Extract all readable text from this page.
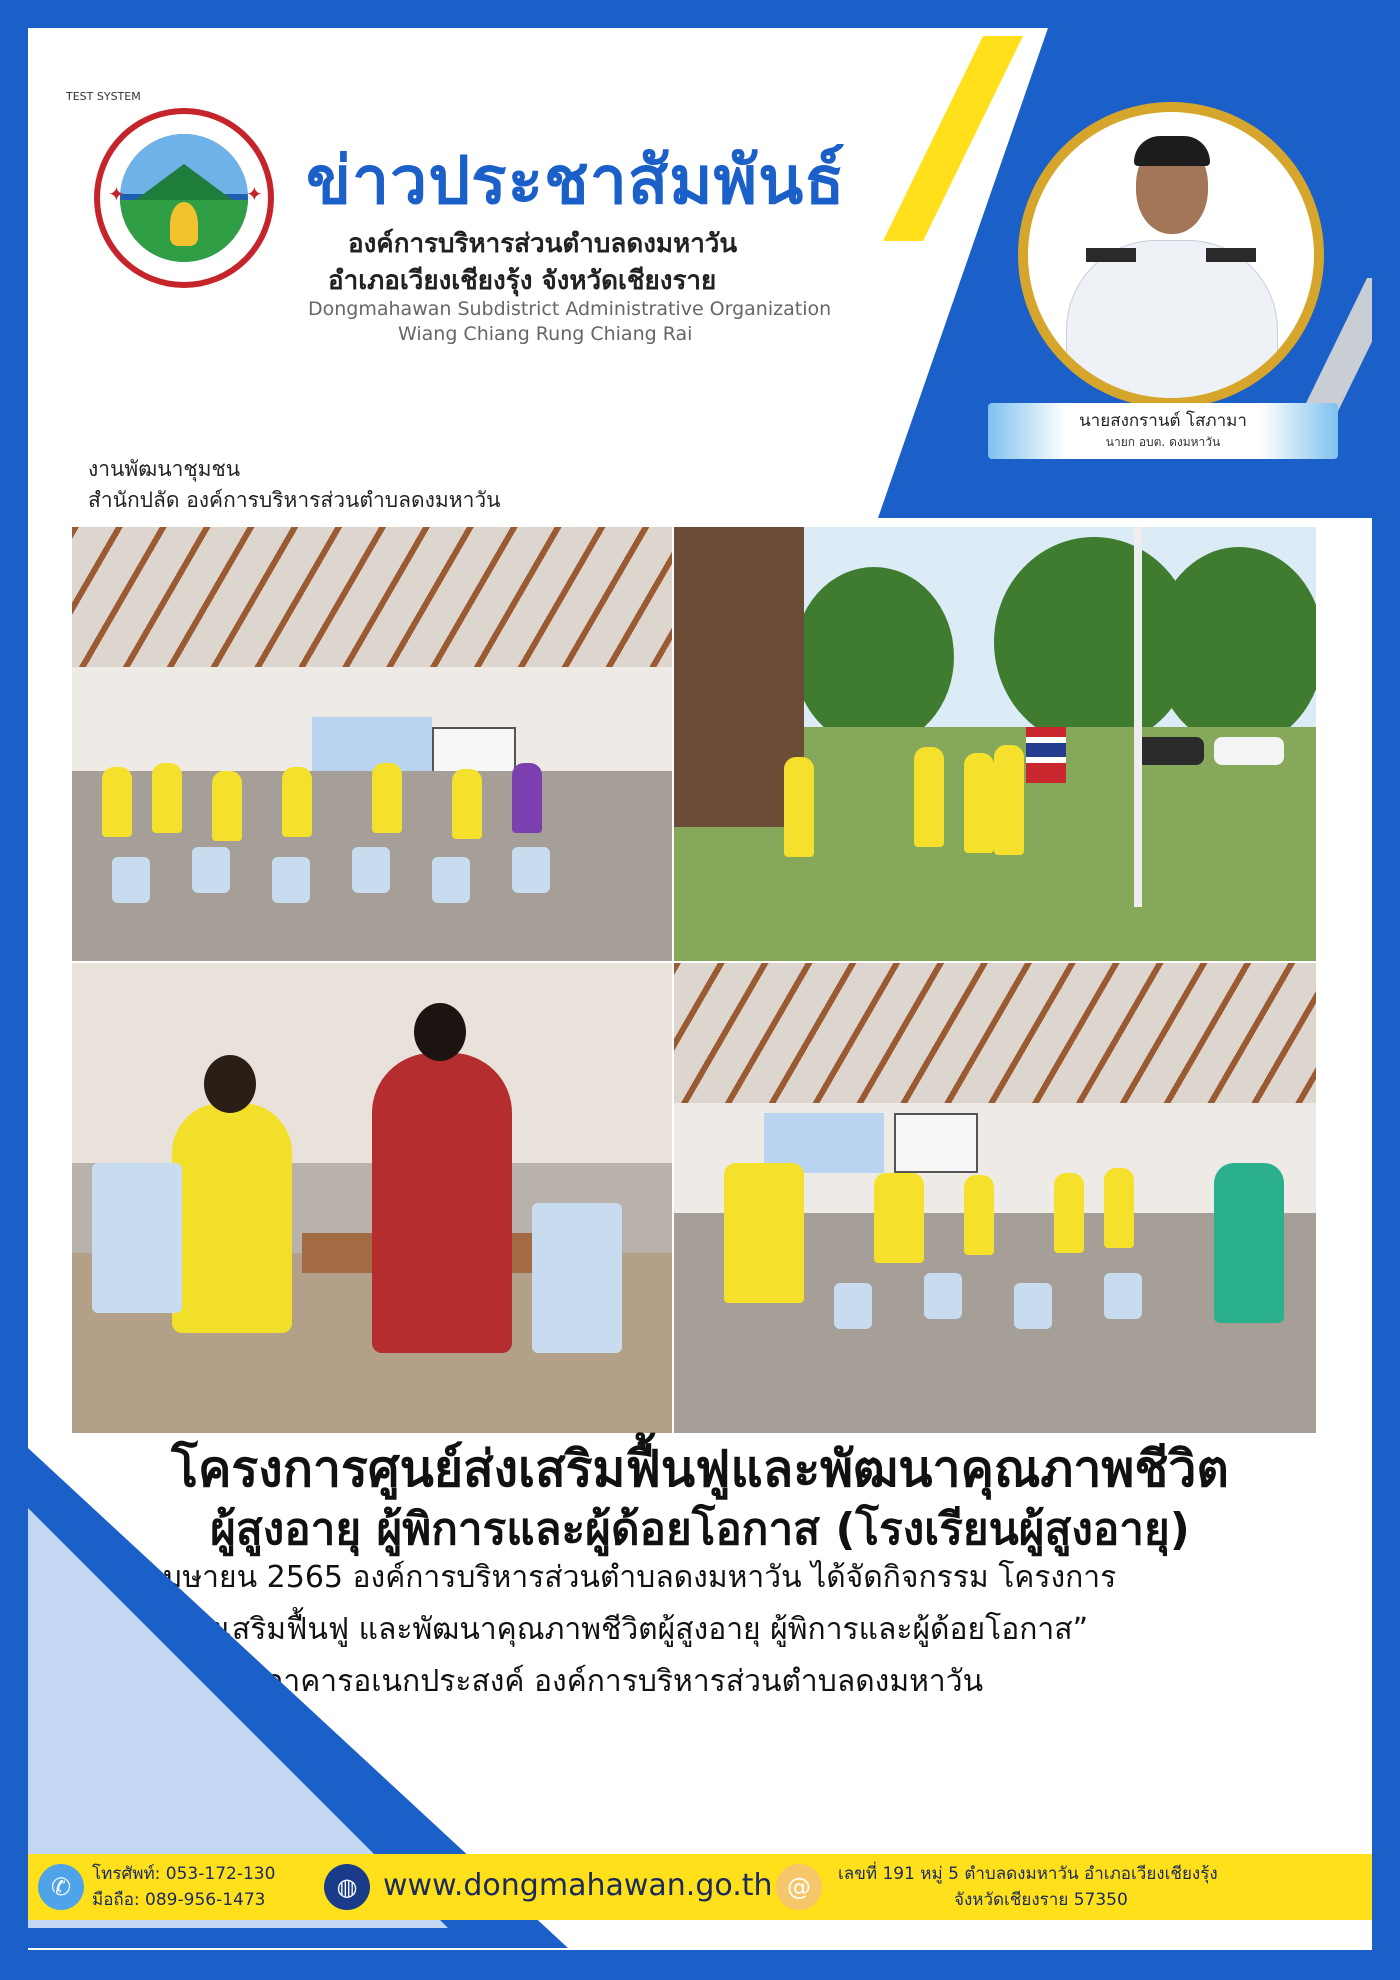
TEST SYSTEM
✦	✦ ข่าวประชาสัมพันธ์
องค์การบริหารส่วนตำบลดงมหาวัน
อำเภอเวียงเชียงรุ้ง จังหวัดเชียงราย
Dongmahawan Subdistrict Administrative Organization
Wiang Chiang Rung Chiang Rai
นายสงกรานต์ โสภามา
นายก อบต. ดงมหาวัน
งานพัฒนาชุมชน
สำนักปลัด องค์การบริหารส่วนตำบลดงมหาวัน
โครงการศูนย์ส่งเสริมฟื้นฟูและพัฒนาคุณภาพชีวิต
ผู้สูงอายุ ผู้พิการและผู้ด้อยโอกาส (โรงเรียนผู้สูงอายุ)
วันที่ 20 เมษายน 2565 องค์การบริหารส่วนตำบลดงมหาวัน ได้จัดกิจกรรม โครงการ
“ศูนย์ส่งเสริมฟื้นฟู และพัฒนาคุณภาพชีวิตผู้สูงอายุ ผู้พิการและผู้ด้อยโอกาส”
ณ อาคารอเนกประสงค์ องค์การบริหารส่วนตำบลดงมหาวัน
✆	โทรศัพท์: 053-172-130
มือถือ: 089-956-1473	◍ www.dongmahawan.go.th @	เลขที่ 191 หมู่ 5 ตำบลดงมหาวัน อำเภอเวียงเชียงรุ้ง
จังหวัดเชียงราย 57350
